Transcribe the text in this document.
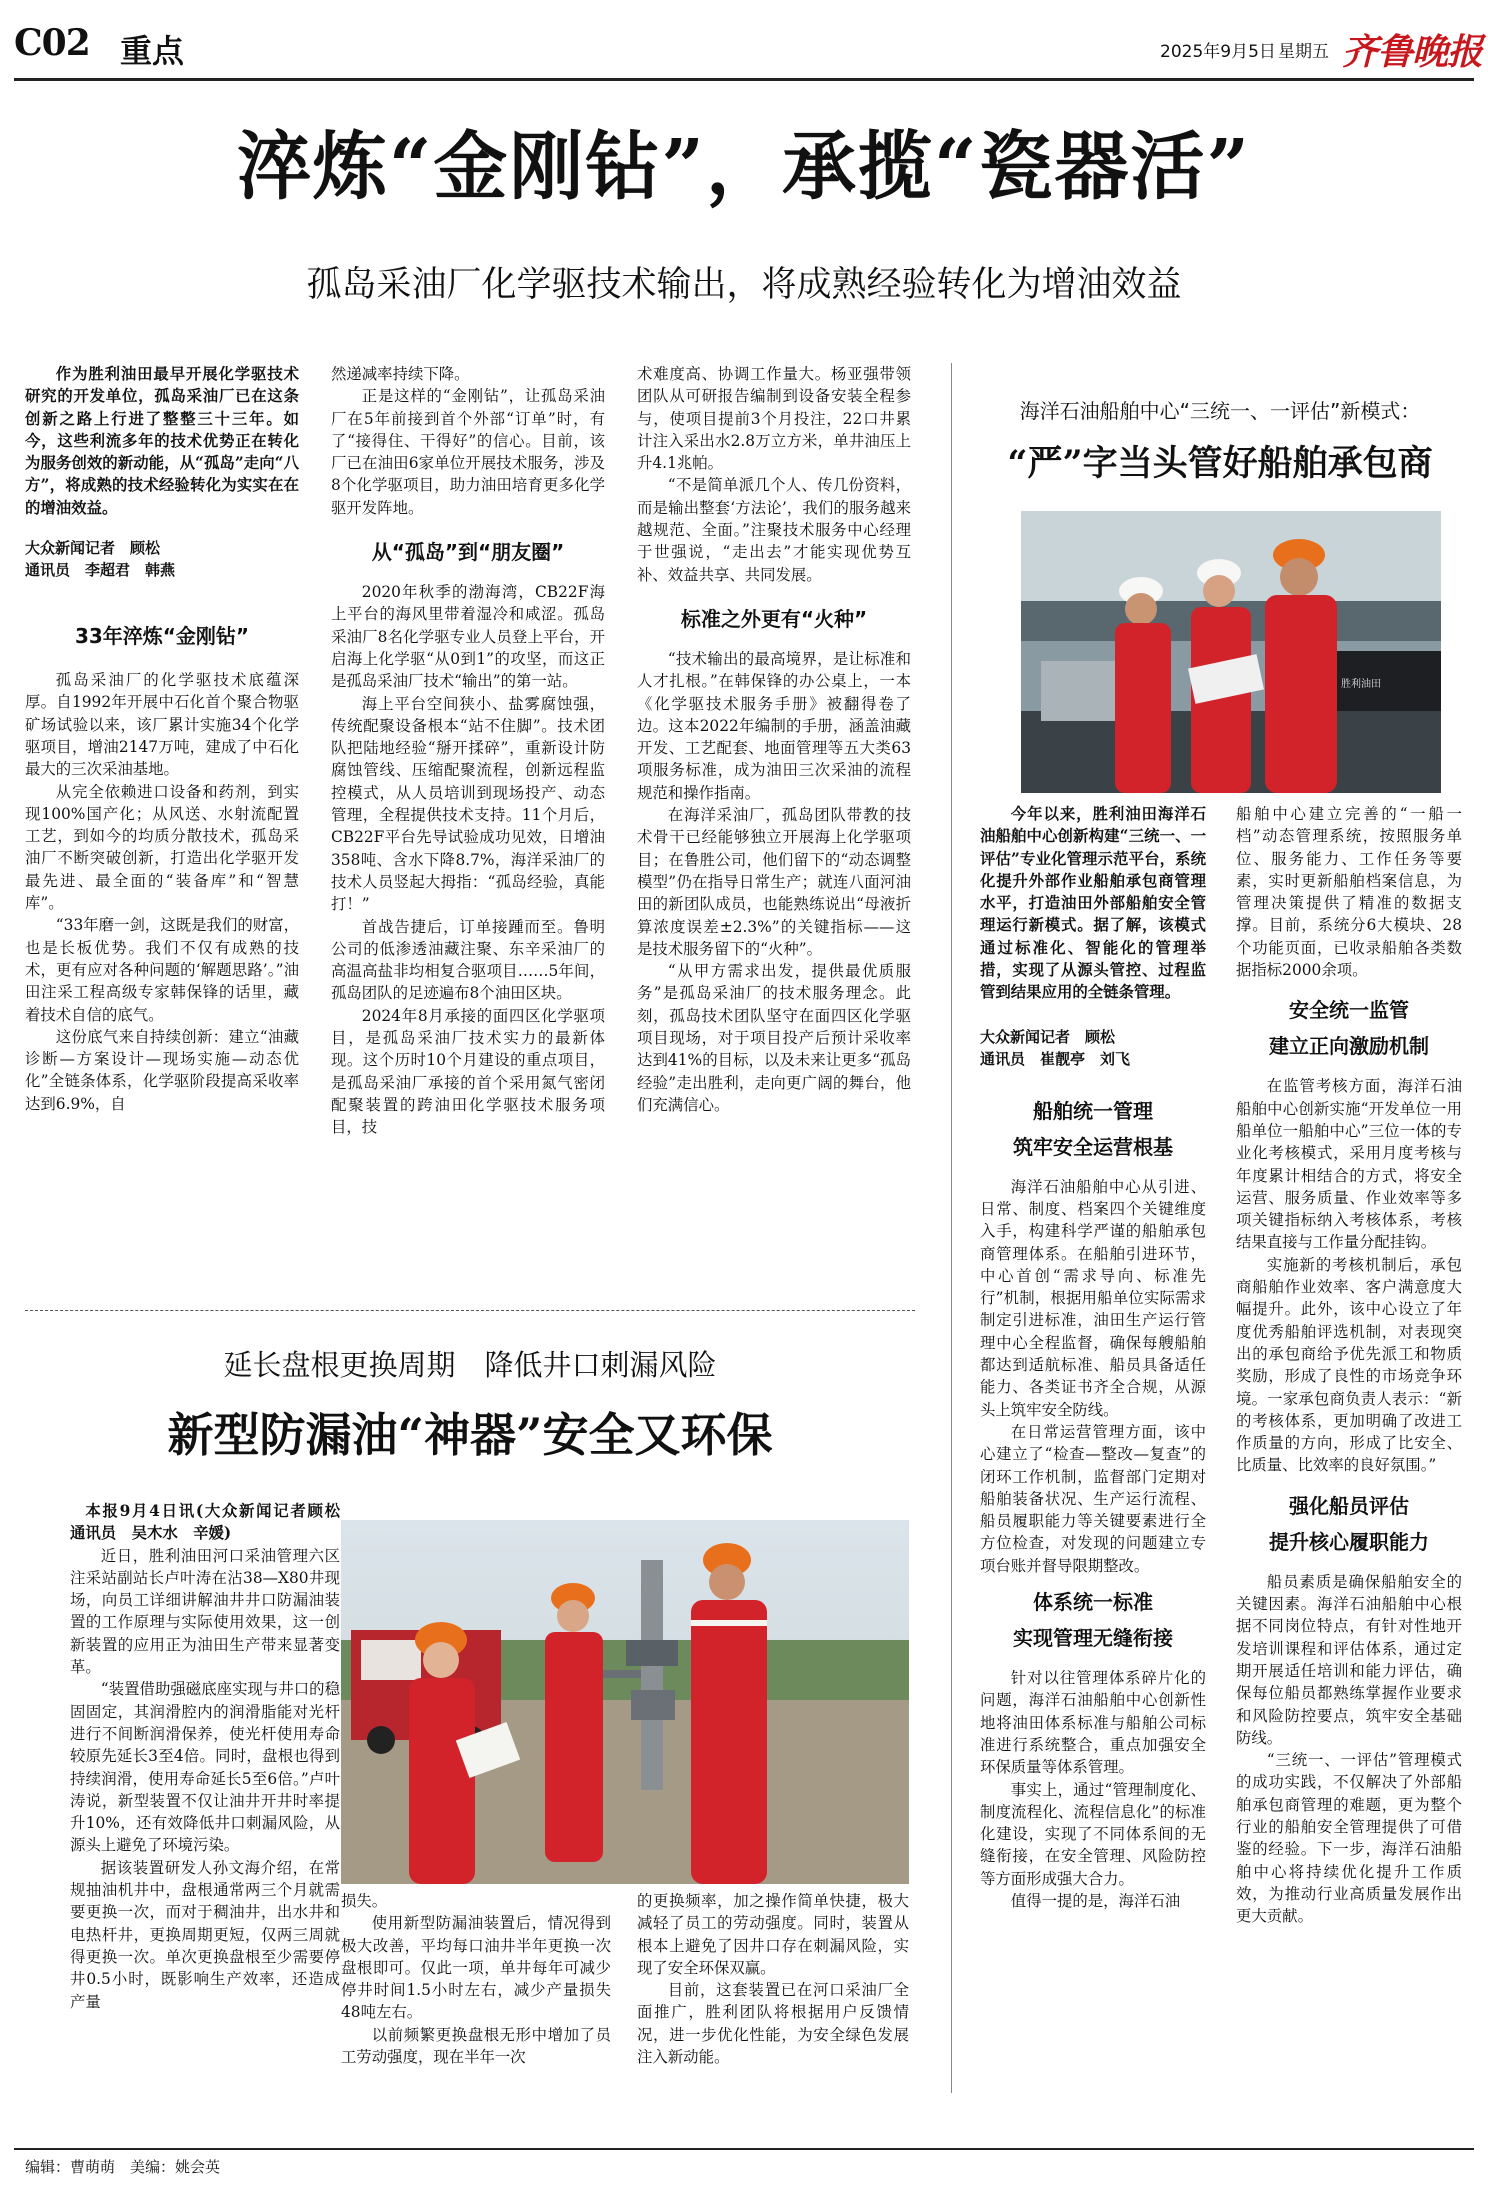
C02 重点	2025年9月5日 星期五 齐鲁晚报
淬炼“金刚钻”，承揽“瓷器活”
孤岛采油厂化学驱技术输出，将成熟经验转化为增油效益

作为胜利油田最早开展化学驱技术研究的开发单位，孤岛采油厂已在这条创新之路上行进了整整三十三年。如今，这些利流多年的技术优势正在转化为服务创效的新动能，从“孤岛”走向“八方”，将成熟的技术经验转化为实实在在的增油效益。

大众新闻记者　顾松
通讯员　李超君　韩燕
33年淬炼“金刚钻”

孤岛采油厂的化学驱技术底蕴深厚。自1992年开展中石化首个聚合物驱矿场试验以来，该厂累计实施34个化学驱项目，增油2147万吨，建成了中石化最大的三次采油基地。

从完全依赖进口设备和药剂，到实现100%国产化；从风送、水射流配置工艺，到如今的均质分散技术，孤岛采油厂不断突破创新，打造出化学驱开发最先进、最全面的“装备库”和“智慧库”。

“33年磨一剑，这既是我们的财富，也是长板优势。我们不仅有成熟的技术，更有应对各种问题的‘解题思路’。”油田注采工程高级专家韩保锋的话里，藏着技术自信的底气。

这份底气来自持续创新：建立“油藏诊断—方案设计—现场实施—动态优化”全链条体系，化学驱阶段提高采收率达到6.9%，自

然递减率持续下降。

正是这样的“金刚钻”，让孤岛采油厂在5年前接到首个外部“订单”时，有了“接得住、干得好”的信心。目前，该厂已在油田6家单位开展技术服务，涉及8个化学驱项目，助力油田培育更多化学驱开发阵地。

从“孤岛”到“朋友圈”

2020年秋季的渤海湾，CB22F海上平台的海风里带着湿冷和咸涩。孤岛采油厂8名化学驱专业人员登上平台，开启海上化学驱“从0到1”的攻坚，而这正是孤岛采油厂技术“输出”的第一站。

海上平台空间狭小、盐雾腐蚀强，传统配聚设备根本“站不住脚”。技术团队把陆地经验“掰开揉碎”，重新设计防腐蚀管线、压缩配聚流程，创新远程监控模式，从人员培训到现场投产、动态管理，全程提供技术支持。11个月后，CB22F平台先导试验成功见效，日增油358吨、含水下降8.7%，海洋采油厂的技术人员竖起大拇指：“孤岛经验，真能打！”

首战告捷后，订单接踵而至。鲁明公司的低渗透油藏注聚、东辛采油厂的高温高盐非均相复合驱项目……5年间，孤岛团队的足迹遍布8个油田区块。

2024年8月承接的面四区化学驱项目，是孤岛采油厂技术实力的最新体现。这个历时10个月建设的重点项目，是孤岛采油厂承接的首个采用氮气密闭配聚装置的跨油田化学驱技术服务项目，技

术难度高、协调工作量大。杨亚强带领团队从可研报告编制到设备安装全程参与，使项目提前3个月投注，22口井累计注入采出水2.8万立方米，单井油压上升4.1兆帕。

“不是简单派几个人、传几份资料，而是输出整套‘方法论’，我们的服务越来越规范、全面。”注聚技术服务中心经理于世强说，“走出去”才能实现优势互补、效益共享、共同发展。

标准之外更有“火种”

“技术输出的最高境界，是让标准和人才扎根。”在韩保锋的办公桌上，一本《化学驱技术服务手册》被翻得卷了边。这本2022年编制的手册，涵盖油藏开发、工艺配套、地面管理等五大类63项服务标准，成为油田三次采油的流程规范和操作指南。

在海洋采油厂，孤岛团队带教的技术骨干已经能够独立开展海上化学驱项目；在鲁胜公司，他们留下的“动态调整模型”仍在指导日常生产；就连八面河油田的新团队成员，也能熟练说出“母液折算浓度误差±2.3%”的关键指标——这是技术服务留下的“火种”。

“从甲方需求出发，提供最优质服务”是孤岛采油厂的技术服务理念。此刻，孤岛技术团队坚守在面四区化学驱项目现场，对于项目投产后预计采收率达到41%的目标，以及未来让更多“孤岛经验”走出胜利，走向更广阔的舞台，他们充满信心。

延长盘根更换周期　降低井口刺漏风险
新型防漏油“神器”安全又环保
本报9月4日讯(大众新闻记者顾松　通讯员　吴木水　辛媛)

近日，胜利油田河口采油管理六区注采站副站长卢叶涛在沾38—X80井现场，向员工详细讲解油井井口防漏油装置的工作原理与实际使用效果，这一创新装置的应用正为油田生产带来显著变革。

“装置借助强磁底座实现与井口的稳固固定，其润滑腔内的润滑脂能对光杆进行不间断润滑保养，使光杆使用寿命较原先延长3至4倍。同时，盘根也得到持续润滑，使用寿命延长5至6倍。”卢叶涛说，新型装置不仅让油井开井时率提升10%，还有效降低井口刺漏风险，从源头上避免了环境污染。

据该装置研发人孙文海介绍，在常规抽油机井中，盘根通常两三个月就需要更换一次，而对于稠油井，出水井和电热杆井，更换周期更短，仅两三周就得更换一次。单次更换盘根至少需要停井0.5小时，既影响生产效率，还造成产量

损失。

使用新型防漏油装置后，情况得到极大改善，平均每口油井半年更换一次盘根即可。仅此一项，单井每年可减少停井时间1.5小时左右，减少产量损失48吨左右。

以前频繁更换盘根无形中增加了员工劳动强度，现在半年一次

的更换频率，加之操作简单快捷，极大减轻了员工的劳动强度。同时，装置从根本上避免了因井口存在刺漏风险，实现了安全环保双赢。

目前，这套装置已在河口采油厂全面推广，胜利团队将根据用户反馈情况，进一步优化性能，为安全绿色发展注入新动能。

海洋石油船舶中心“三统一、一评估”新模式：
“严”字当头管好船舶承包商
胜利油田

今年以来，胜利油田海洋石油船舶中心创新构建“三统一、一评估”专业化管理示范平台，系统化提升外部作业船舶承包商管理水平，打造油田外部船舶安全管理运行新模式。据了解，该模式通过标准化、智能化的管理举措，实现了从源头管控、过程监管到结果应用的全链条管理。

大众新闻记者　顾松
通讯员　崔靓亭　刘飞
船舶统一管理
筑牢安全运营根基

海洋石油船舶中心从引进、日常、制度、档案四个关键维度入手，构建科学严谨的船舶承包商管理体系。在船舶引进环节，中心首创“需求导向、标准先行”机制，根据用船单位实际需求制定引进标准，油田生产运行管理中心全程监督，确保每艘船舶都达到适航标准、船员具备适任能力、各类证书齐全合规，从源头上筑牢安全防线。

在日常运营管理方面，该中心建立了“检查—整改—复查”的闭环工作机制，监督部门定期对船舶装备状况、生产运行流程、船员履职能力等关键要素进行全方位检查，对发现的问题建立专项台账并督导限期整改。

体系统一标准
实现管理无缝衔接

针对以往管理体系碎片化的问题，海洋石油船舶中心创新性地将油田体系标准与船舶公司标准进行系统整合，重点加强安全环保质量等体系管理。

事实上，通过“管理制度化、制度流程化、流程信息化”的标准化建设，实现了不同体系间的无缝衔接，在安全管理、风险防控等方面形成强大合力。

值得一提的是，海洋石油

船舶中心建立完善的“一船一档”动态管理系统，按照服务单位、服务能力、工作任务等要素，实时更新船舶档案信息，为管理决策提供了精准的数据支撑。目前，系统分6大模块、28个功能页面，已收录船舶各类数据指标2000余项。
安全统一监管
建立正向激励机制

在监管考核方面，海洋石油船舶中心创新实施“开发单位一用船单位一船舶中心”三位一体的专业化考核模式，采用月度考核与年度累计相结合的方式，将安全运营、服务质量、作业效率等多项关键指标纳入考核体系，考核结果直接与工作量分配挂钩。

实施新的考核机制后，承包商船舶作业效率、客户满意度大幅提升。此外，该中心设立了年度优秀船舶评选机制，对表现突出的承包商给予优先派工和物质奖励，形成了良性的市场竞争环境。一家承包商负责人表示：“新的考核体系，更加明确了改进工作质量的方向，形成了比安全、比质量、比效率的良好氛围。”

强化船员评估
提升核心履职能力

船员素质是确保船舶安全的关键因素。海洋石油船舶中心根据不同岗位特点，有针对性地开发培训课程和评估体系，通过定期开展适任培训和能力评估，确保每位船员都熟练掌握作业要求和风险防控要点，筑牢安全基础防线。

“三统一、一评估”管理模式的成功实践，不仅解决了外部船舶承包商管理的难题，更为整个行业的船舶安全管理提供了可借鉴的经验。下一步，海洋石油船舶中心将持续优化提升工作质效，为推动行业高质量发展作出更大贡献。

编辑：曹萌萌　美编：姚会英
